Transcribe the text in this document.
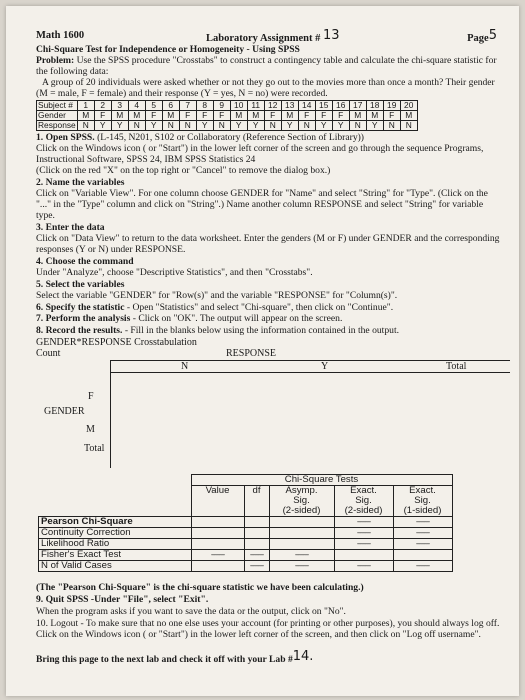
Math 1600	Laboratory Assignment # 13	Page5
Chi-Square Test for Independence or Homogeneity - Using SPSS
Problem: Use the SPSS procedure "Crosstabs" to construct a contingency table and calculate the chi-square statistic for the following data:
A group of 20 individuals were asked whether or not they go out to the movies more than once a month? Their gender (M = male, F = female) and their response (Y = yes, N = no) were recorded.
Subject #	1	2	3	4	5	6	7	8	9	10	11	12	13	14	15	16	17	18	19	20
Gender	M	F	M	M	F	M	F	F	F	M	M	F	M	F	F	F	M	M	F	M
Response	N	Y	Y	N	Y	N	N	Y	N	Y	Y	N	Y	N	Y	Y	N	Y	N	N
1. Open SPSS. (L-145, N201, S102 or Collaboratory (Reference Section of Library))
Click on the Windows icon ( or "Start") in the lower left corner of the screen and go through the sequence Programs, Instructional Software, SPSS 24, IBM SPSS Statistics 24
(Click on the red "X" on the top right or "Cancel" to remove the dialog box.)
2. Name the variables
Click on "Variable View". For one column choose GENDER for "Name" and select "String" for "Type". (Click on the "..." in the "Type" column and click on "String".) Name another column RESPONSE and select "String" for variable type.
3. Enter the data
Click on "Data View" to return to the data worksheet. Enter the genders (M or F) under GENDER and the corresponding responses (Y or N) under RESPONSE.
4. Choose the command
Under "Analyze", choose "Descriptive Statistics", and then "Crosstabs".
5. Select the variables
Select the variable "GENDER" for "Row(s)" and the variable "RESPONSE" for "Column(s)".
6. Specify the statistic - Open "Statistics" and select "Chi-square", then click on "Continue".
7. Perform the analysis - Click on "OK". The output will appear on the screen.
8. Record the results. - Fill in the blanks below using the information contained in the output.
GENDER*RESPONSE Crosstabulation
Count	RESPONSE
N	Y	Total
F
GENDER
M
Total
	Chi-Square Tests				
	Value	df	Asymp.	Exact.	Exact.
			Sig.	Sig.	Sig.
			(2-sided)	(2-sided)	(1-sided)
Pearson Chi-Square				--------	--------
Continuity Correction				--------	--------
Likelihood Ratio				--------	--------
Fisher's Exact Test	--------	--------	--------		
N of Valid Cases		--------	--------	--------	--------
(The "Pearson Chi-Square" is the chi-square statistic we have been calculating.)
9. Quit SPSS -Under "File", select "Exit".
When the program asks if you want to save the data or the output, click on "No".
10. Logout - To make sure that no one else uses your account (for printing or other purposes), you should always log off. Click on the Windows icon ( or "Start") in the lower left corner of the screen, and then click on "Log off username".
Bring this page to the next lab and check it off with your Lab #14.
